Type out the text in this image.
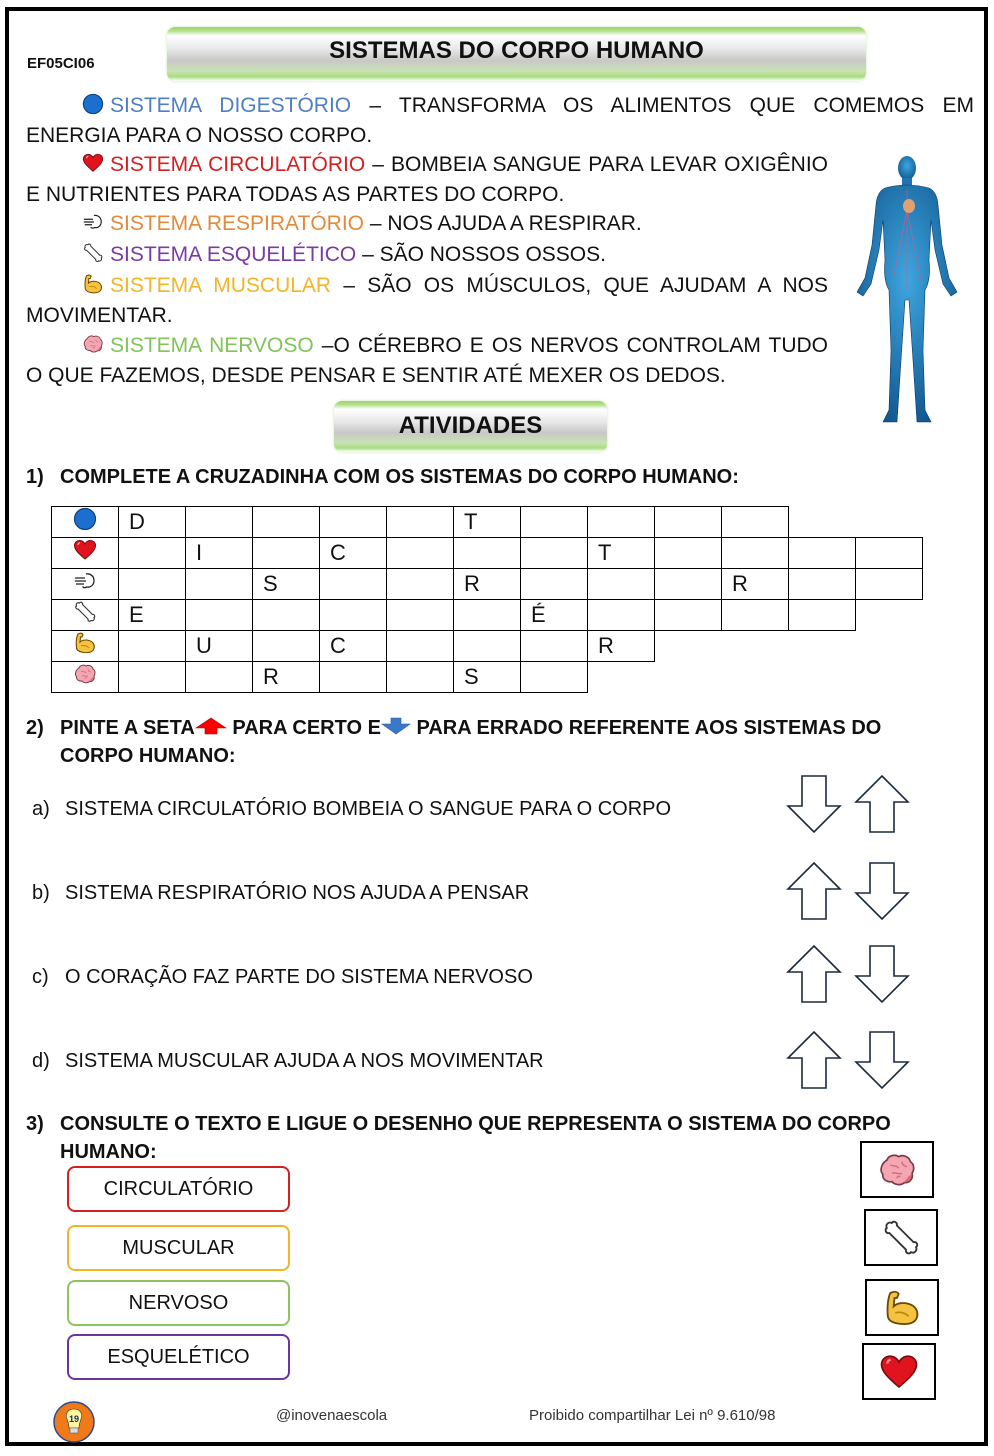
EF05CI06	SISTEMAS DO CORPO HUMANO
SISTEMA DIGESTÓRIO – TRANSFORMA OS ALIMENTOS QUE COMEMOS EM ENERGIA PARA O NOSSO CORPO.
SISTEMA CIRCULATÓRIO – BOMBEIA SANGUE PARA LEVAR OXIGÊNIO E NUTRIENTES PARA TODAS AS PARTES DO CORPO.
SISTEMA RESPIRATÓRIO – NOS AJUDA A RESPIRAR.
SISTEMA ESQUELÉTICO – SÃO NOSSOS OSSOS.
SISTEMA MUSCULAR – SÃO OS MÚSCULOS, QUE AJUDAM A NOS MOVIMENTAR.
SISTEMA NERVOSO –O CÉREBRO E OS NERVOS CONTROLAM TUDO O QUE FAZEMOS, DESDE PENSAR E SENTIR ATÉ MEXER OS DEDOS.
ATIVIDADES
1) COMPLETE A CRUZADINHA COM OS SISTEMAS DO CORPO HUMANO:
	D					T						
		I		C				T				
			S			R				R		
	E						É					
		U		C				R				
			R			S						
2) PINTE A SETA PARA CERTO E PARA ERRADO REFERENTE AOS SISTEMAS DO
CORPO HUMANO:
a) SISTEMA CIRCULATÓRIO BOMBEIA O SANGUE PARA O CORPO
b) SISTEMA RESPIRATÓRIO NOS AJUDA A PENSAR
c) O CORAÇÃO FAZ PARTE DO SISTEMA NERVOSO
d) SISTEMA MUSCULAR AJUDA A NOS MOVIMENTAR
3) CONSULTE O TEXTO E LIGUE O DESENHO QUE REPRESENTA O SISTEMA DO CORPO
HUMANO:
CIRCULATÓRIO
MUSCULAR
NERVOSO
ESQUELÉTICO
19	@inovenaescola	Proibido compartilhar Lei nº 9.610/98
